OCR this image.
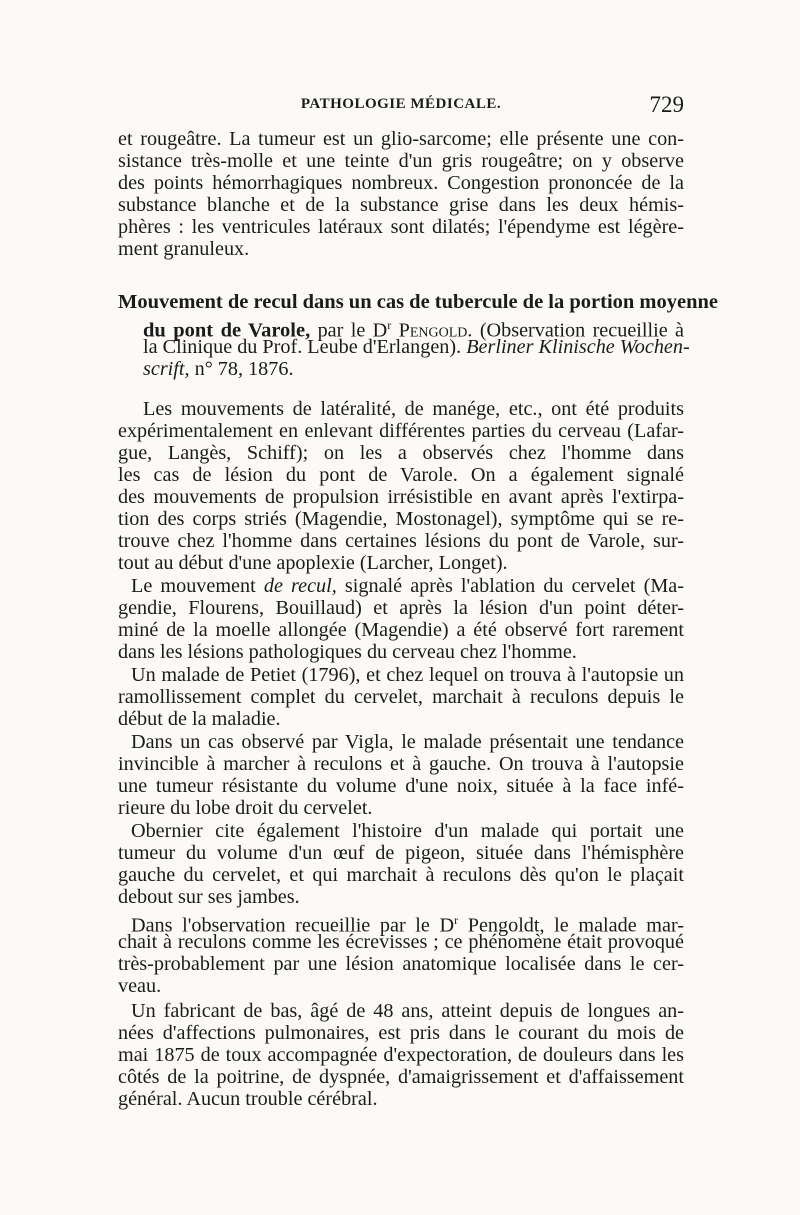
PATHOLOGIE MÉDICALE.	729
et rougeâtre. La tumeur est un glio-sarcome; elle présente une con-
sistance très-molle et une teinte d'un gris rougeâtre; on y observe
des points hémorrhagiques nombreux. Congestion prononcée de la
substance blanche et de la substance grise dans les deux hémis-
phères : les ventricules latéraux sont dilatés; l'épendyme est légère-
ment granuleux.
Mouvement de recul dans un cas de tubercule de la portion moyenne
du pont de Varole, par le $D^r$ Pengold. (Observation recueillie à
la Clinique du Prof. Leube d'Erlangen). Berliner Klinische Wochen-
scrift, n° 78, 1876.
Les mouvements de latéralité, de manége, etc., ont été produits
expérimentalement en enlevant différentes parties du cerveau (Lafar-
gue, Langès, Schiff); on les a observés chez l'homme dans
les cas de lésion du pont de Varole. On a également signalé
des mouvements de propulsion irrésistible en avant après l'extirpa-
tion des corps striés (Magendie, Mostonagel), symptôme qui se re-
trouve chez l'homme dans certaines lésions du pont de Varole, sur-
tout au début d'une apoplexie (Larcher, Longet).
Le mouvement de recul, signalé après l'ablation du cervelet (Ma-
gendie, Flourens, Bouillaud) et après la lésion d'un point déter-
miné de la moelle allongée (Magendie) a été observé fort rarement
dans les lésions pathologiques du cerveau chez l'homme.
Un malade de Petiet (1796), et chez lequel on trouva à l'autopsie un
ramollissement complet du cervelet, marchait à reculons depuis le
début de la maladie.
Dans un cas observé par Vigla, le malade présentait une tendance
invincible à marcher à reculons et à gauche. On trouva à l'autopsie
une tumeur résistante du volume d'une noix, située à la face infé-
rieure du lobe droit du cervelet.
Obernier cite également l'histoire d'un malade qui portait une
tumeur du volume d'un œuf de pigeon, située dans l'hémisphère
gauche du cervelet, et qui marchait à reculons dès qu'on le plaçait
debout sur ses jambes.
Dans l'observation recueillie par le $D^r$ Pengoldt, le malade mar-
chait à reculons comme les écrevisses ; ce phénomène était provoqué
très-probablement par une lésion anatomique localisée dans le cer-
veau.
Un fabricant de bas, âgé de 48 ans, atteint depuis de longues an-
nées d'affections pulmonaires, est pris dans le courant du mois de
mai 1875 de toux accompagnée d'expectoration, de douleurs dans les
côtés de la poitrine, de dyspnée, d'amaigrissement et d'affaissement
général. Aucun trouble cérébral.
